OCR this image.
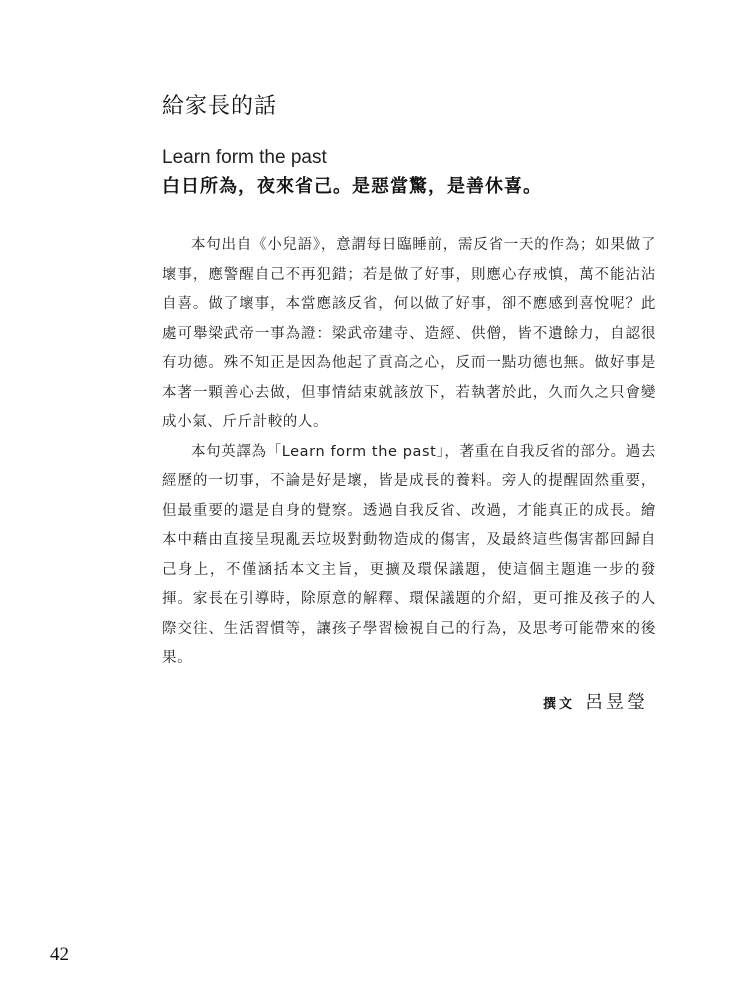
給家長的話
Learn form the past
白日所為，夜來省己。是惡當驚，是善休喜。

本句出自《小兒語》，意謂每日臨睡前，需反省一天的作為；如果做了壞事，應警醒自己不再犯錯；若是做了好事，則應心存戒慎，萬不能沾沾自喜。做了壞事，本當應該反省，何以做了好事，卻不應感到喜悅呢？此處可舉梁武帝一事為證：梁武帝建寺、造經、供僧，皆不遺餘力，自認很有功德。殊不知正是因為他起了貢高之心，反而一點功德也無。做好事是本著一顆善心去做，但事情結束就該放下，若執著於此，久而久之只會變成小氣、斤斤計較的人。

本句英譯為「Learn form the past」，著重在自我反省的部分。過去經歷的一切事，不論是好是壞，皆是成長的養料。旁人的提醒固然重要，但最重要的還是自身的覺察。透過自我反省、改過，才能真正的成長。繪本中藉由直接呈現亂丟垃圾對動物造成的傷害，及最終這些傷害都回歸自己身上，不僅涵括本文主旨，更擴及環保議題，使這個主題進一步的發揮。家長在引導時，除原意的解釋、環保議題的介紹，更可推及孩子的人際交往、生活習慣等，讓孩子學習檢視自己的行為，及思考可能帶來的後果。

撰文 呂昱瑩
42
